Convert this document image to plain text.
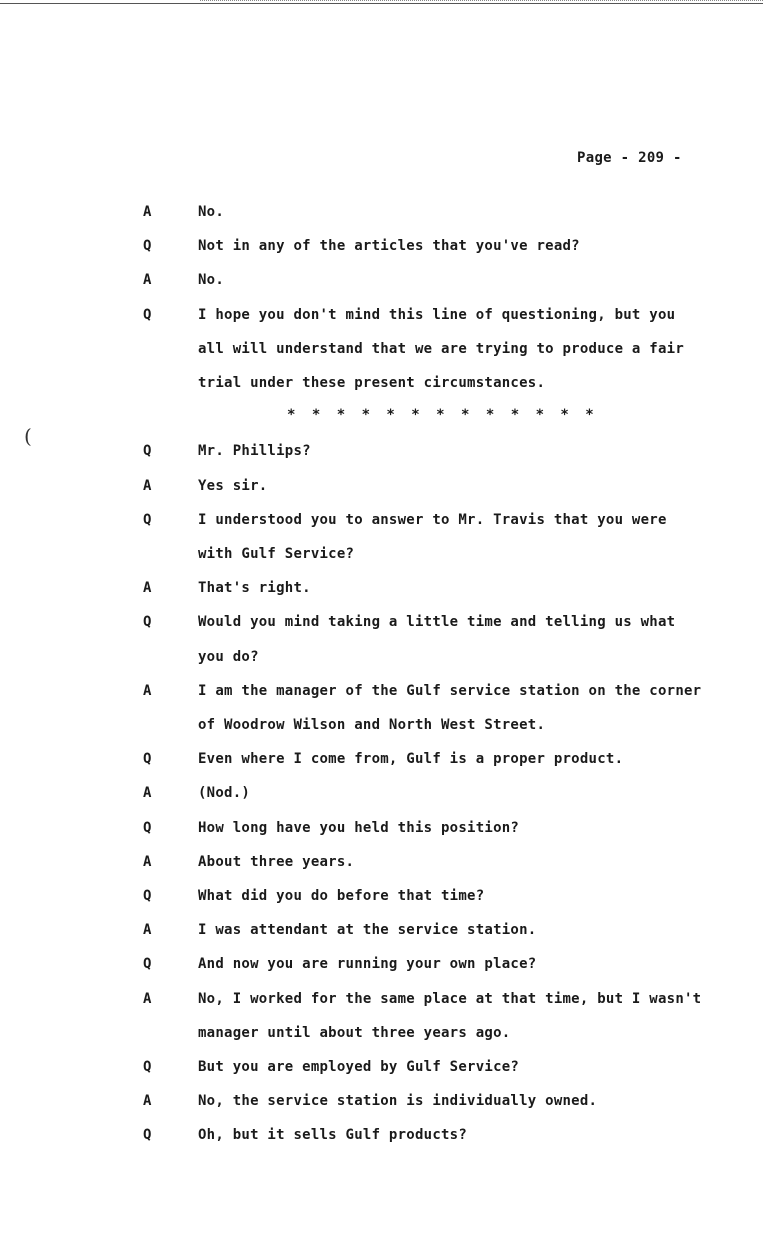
Page - 209 -
(
A	No.
Q	Not in any of the articles that you've read?
A	No.
Q	I hope you don't mind this line of questioning, but you
all will understand that we are trying to produce a fair
trial under these present circumstances.
Q	Mr. Phillips?
A	Yes sir.
Q	I understood you to answer to Mr. Travis that you were
with Gulf Service?
A	That's right.
Q	Would you mind taking a little time and telling us what
you do?
A	I am the manager of the Gulf service station on the corner
of Woodrow Wilson and North West Street.
Q	Even where I come from, Gulf is a proper product.
A	(Nod.)
Q	How long have you held this position?
A	About three years.
Q	What did you do before that time?
A	I was attendant at the service station.
Q	And now you are running your own place?
A	No, I worked for the same place at that time, but I wasn't
manager until about three years ago.
Q	But you are employed by Gulf Service?
A	No, the service station is individually owned.
Q	Oh, but it sells Gulf products?
* * * * * * * * * * * * *
